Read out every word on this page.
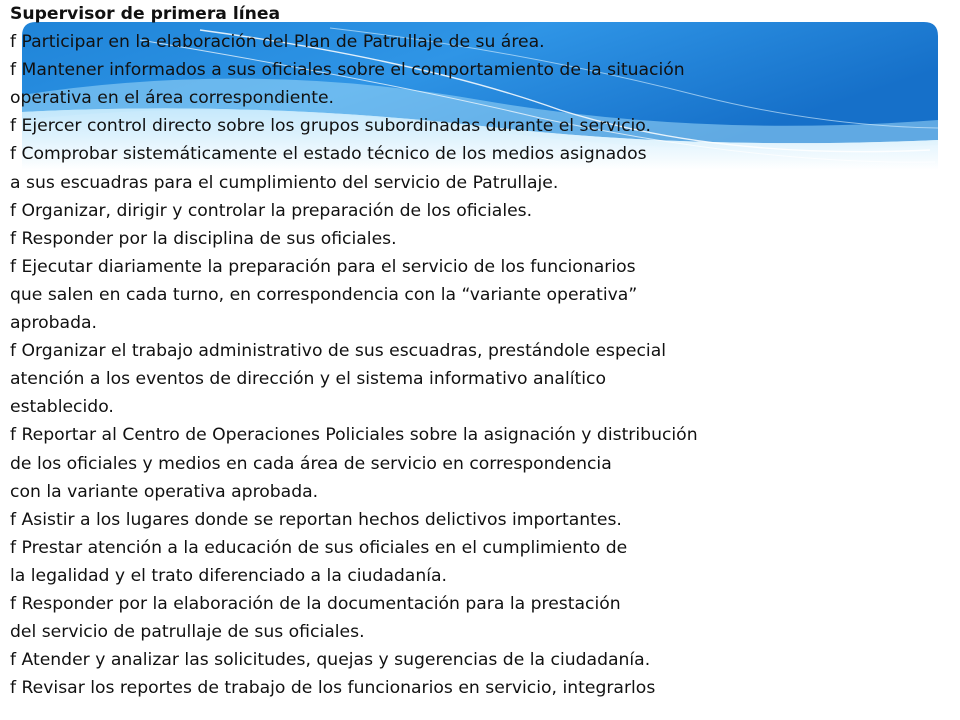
Supervisor de primera línea
f Participar en la elaboración del Plan de Patrullaje de su área.
f Mantener informados a sus oficiales sobre el comportamiento de la situación
operativa en el área correspondiente.
f Ejercer control directo sobre los grupos subordinadas durante el servicio.
f Comprobar sistemáticamente el estado técnico de los medios asignados
a sus escuadras para el cumplimiento del servicio de Patrullaje.
f Organizar, dirigir y controlar la preparación de los oficiales.
f Responder por la disciplina de sus oficiales.
f Ejecutar diariamente la preparación para el servicio de los funcionarios
que salen en cada turno, en correspondencia con la “variante operativa”
aprobada.
f Organizar el trabajo administrativo de sus escuadras, prestándole especial
atención a los eventos de dirección y el sistema informativo analítico
establecido.
f Reportar al Centro de Operaciones Policiales sobre la asignación y distribución
de los oficiales y medios en cada área de servicio en correspondencia
con la variante operativa aprobada.
f Asistir a los lugares donde se reportan hechos delictivos importantes.
f Prestar atención a la educación de sus oficiales en el cumplimiento de
la legalidad y el trato diferenciado a la ciudadanía.
f Responder por la elaboración de la documentación para la prestación
del servicio de patrullaje de sus oficiales.
f Atender y analizar las solicitudes, quejas y sugerencias de la ciudadanía.
f Revisar los reportes de trabajo de los funcionarios en servicio, integrarlos
